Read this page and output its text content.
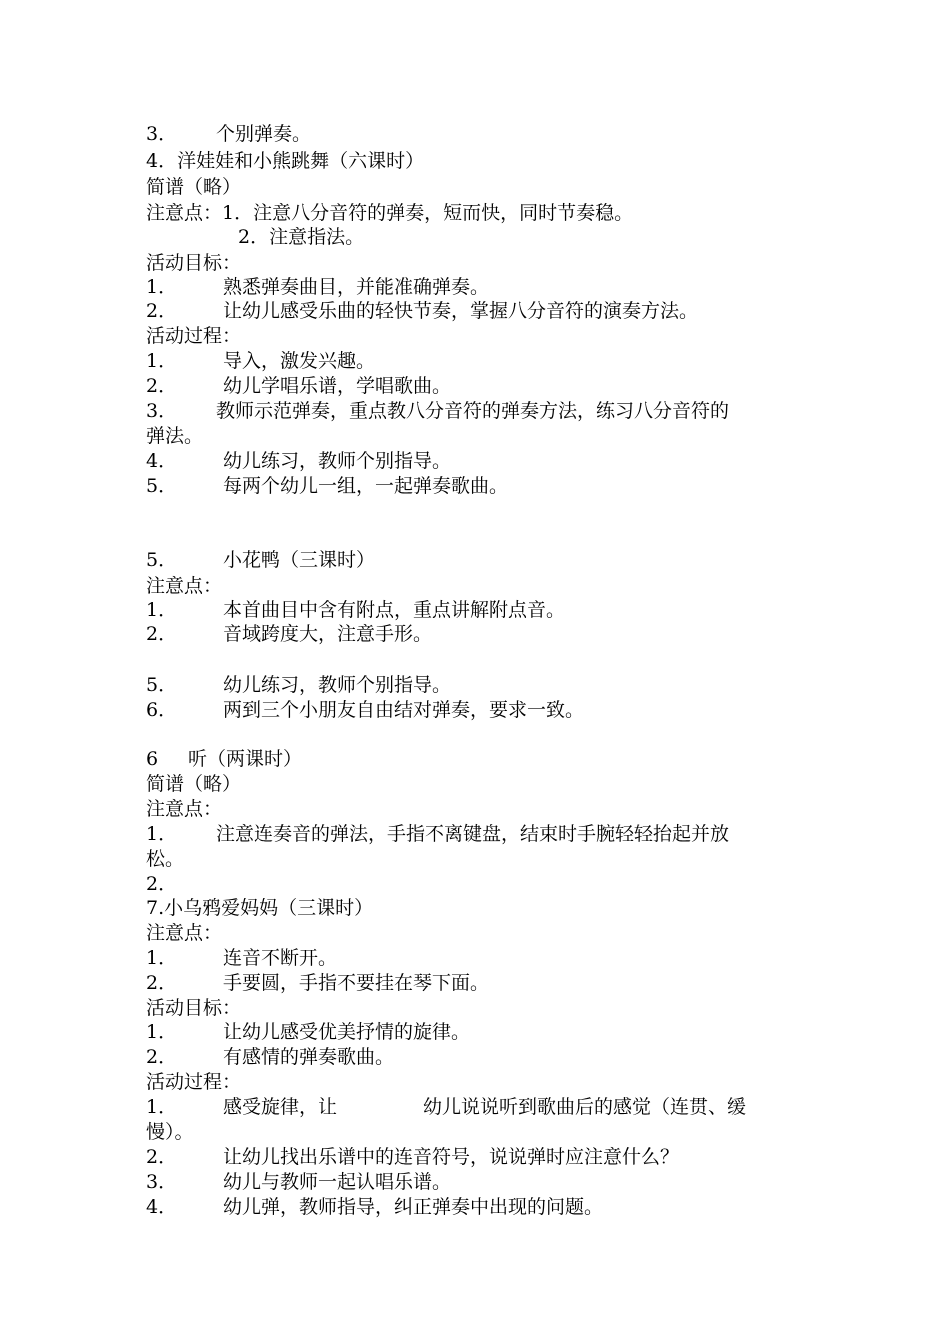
3． 个别弹奏。
4．洋娃娃和小熊跳舞（六课时）
简谱（略）
注意点：1．注意八分音符的弹奏，短而快，同时节奏稳。
2．注意指法。
活动目标：
1． 熟悉弹奏曲目，并能准确弹奏。
2． 让幼儿感受乐曲的轻快节奏，掌握八分音符的演奏方法。
活动过程：
1． 导入，激发兴趣。
2． 幼儿学唱乐谱，学唱歌曲。
3． 教师示范弹奏，重点教八分音符的弹奏方法，练习八分音符的
弹法。
4． 幼儿练习，教师个别指导。
5． 每两个幼儿一组，一起弹奏歌曲。
5． 小花鸭（三课时）
注意点：
1． 本首曲目中含有附点，重点讲解附点音。
2． 音域跨度大，注意手形。
5． 幼儿练习，教师个别指导。
6． 两到三个小朋友自由结对弹奏，要求一致。
6 听（两课时）
简谱（略）
注意点：
1． 注意连奏音的弹法，手指不离键盘，结束时手腕轻轻抬起并放
松。
2．
7.小乌鸦爱妈妈（三课时）
注意点：
1． 连音不断开。
2． 手要圆，手指不要挂在琴下面。
活动目标：
1． 让幼儿感受优美抒情的旋律。
2． 有感情的弹奏歌曲。
活动过程：
1． 感受旋律，让	幼儿说说听到歌曲后的感觉（连贯、缓
慢）。
2． 让幼儿找出乐谱中的连音符号，说说弹时应注意什么？
3． 幼儿与教师一起认唱乐谱。
4． 幼儿弹，教师指导，纠正弹奏中出现的问题。
